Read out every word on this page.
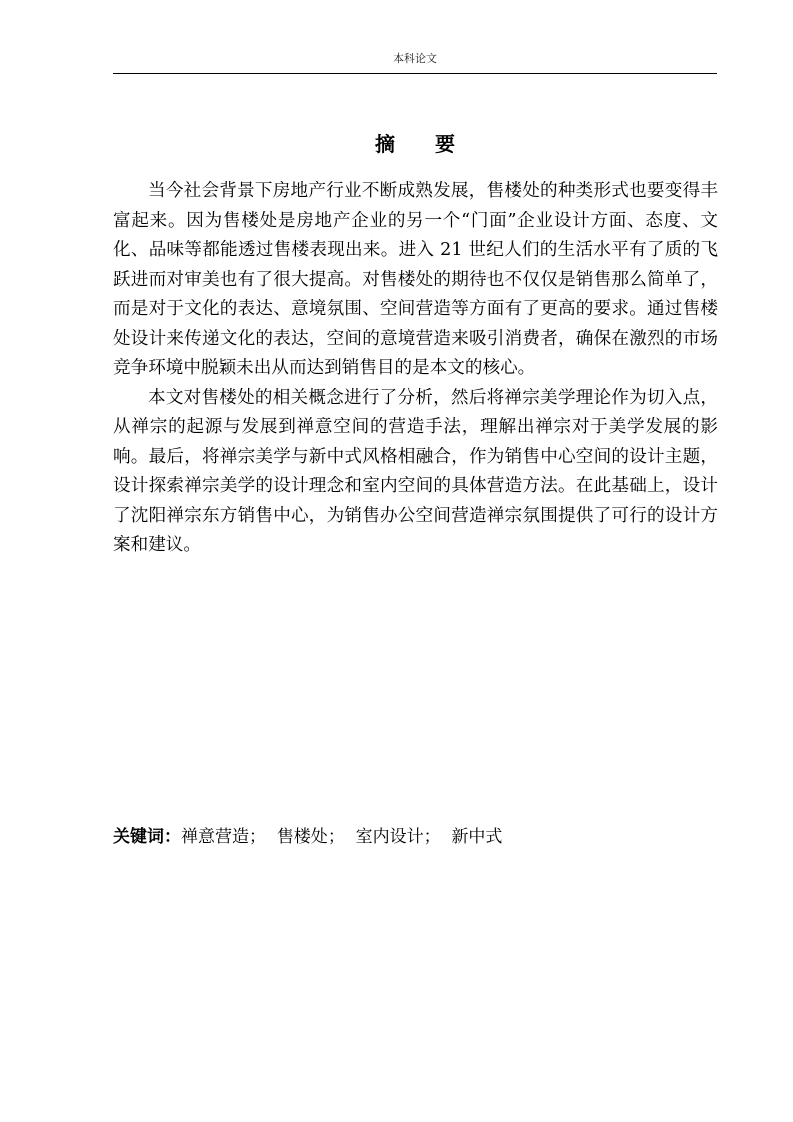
本科论文
摘要

当今社会背景下房地产行业不断成熟发展，售楼处的种类形式也要变得丰富起来。因为售楼处是房地产企业的另一个“门面”企业设计方面、态度、文化、品味等都能透过售楼表现出来。进入 21 世纪人们的生活水平有了质的飞跃进而对审美也有了很大提高。对售楼处的期待也不仅仅是销售那么简单了，而是对于文化的表达、意境氛围、空间营造等方面有了更高的要求。通过售楼处设计来传递文化的表达，空间的意境营造来吸引消费者，确保在激烈的市场竞争环境中脱颖未出从而达到销售目的是本文的核心。

本文对售楼处的相关概念进行了分析，然后将禅宗美学理论作为切入点，从禅宗的起源与发展到禅意空间的营造手法，理解出禅宗对于美学发展的影响。最后，将禅宗美学与新中式风格相融合，作为销售中心空间的设计主题，设计探索禅宗美学的设计理念和室内空间的具体营造方法。在此基础上，设计了沈阳禅宗东方销售中心，为销售办公空间营造禅宗氛围提供了可行的设计方案和建议。

关键词：禅意营造； 售楼处； 室内设计； 新中式
